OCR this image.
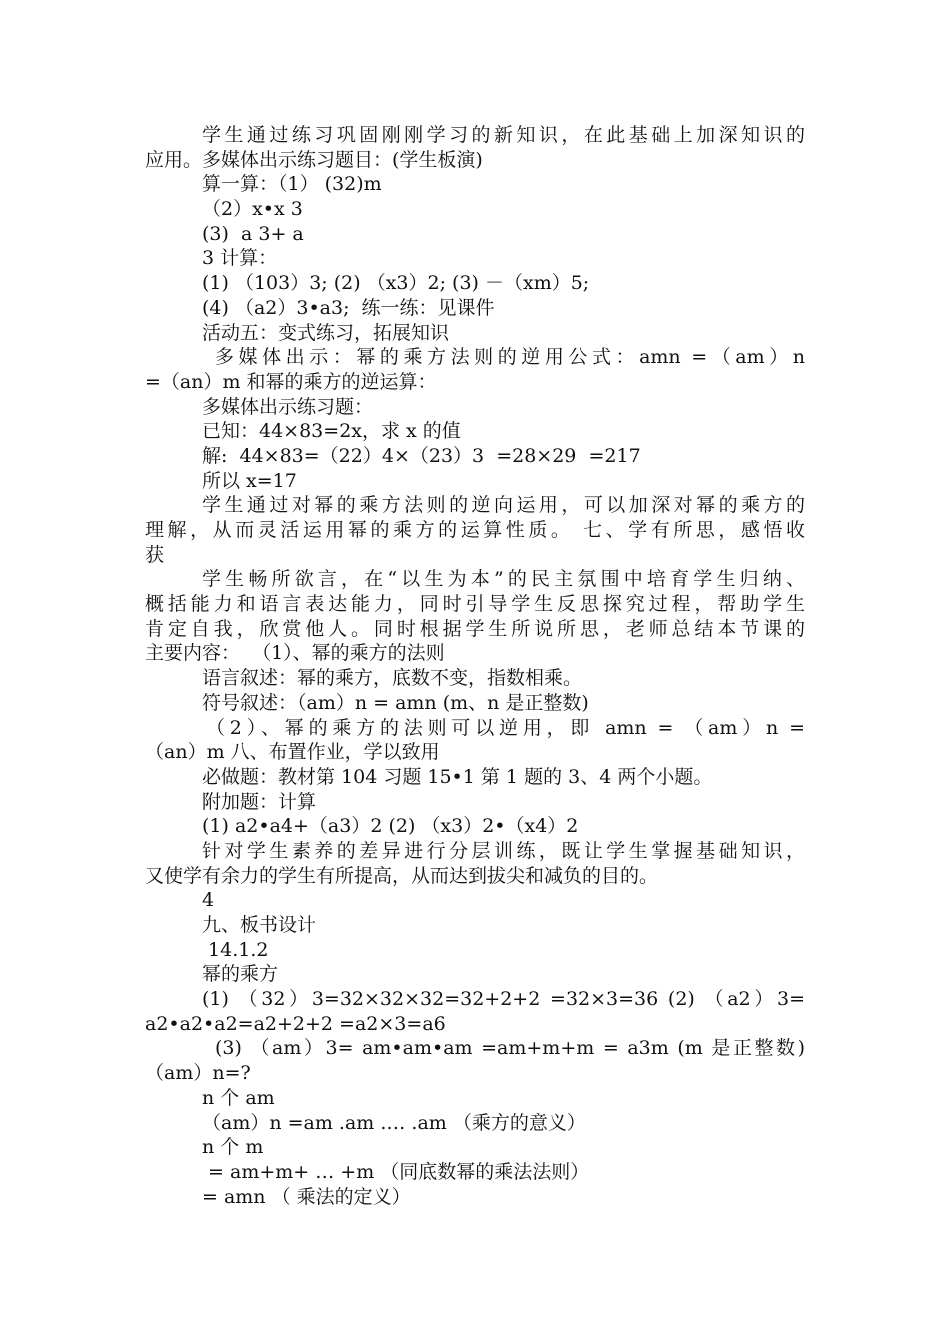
学生通过练习巩固刚刚学习的新知识，在此基础上加深知识的
应用。多媒体出示练习题目：(学生板演)
算一算：（1） (32)m
（2）x•x 3
(3)  a 3+ a
3 计算：
(1) （103）3; (2) （x3）2; (3) －（xm）5;
(4) （a2）3•a3;  练一练：见课件
活动五：变式练习，拓展知识
多媒体出示：幂的乘方法则的逆用公式：amn =（am）n
=（an）m 和幂的乘方的逆运算：
多媒体出示练习题：
已知：44×83=2x，求 x 的值
解:  44×83=（22）4×（23）3  =28×29  =217
所以 x=17
学生通过对幂的乘方法则的逆向运用，可以加深对幂的乘方的
理解，从而灵活运用幂的乘方的运算性质。 七、学有所思，感悟收
获
学生畅所欲言，在“以生为本”的民主氛围中培育学生归纳、
概括能力和语言表达能力，同时引导学生反思探究过程，帮助学生
肯定自我，欣赏他人。同时根据学生所说所思，老师总结本节课的
主要内容：  （1）、幂的乘方的法则
语言叙述：幂的乘方，底数不变，指数相乘。
符号叙述：（am）n = amn (m、n 是正整数)
（2）、幂的乘方的法则可以逆用，即 amn = （am）n =
（an）m 八、布置作业，学以致用
必做题：教材第 104 习题 15•1 第 1 题的 3、4 两个小题。
附加题：计算
(1) a2•a4+（a3）2 (2) （x3）2•（x4）2
针对学生素养的差异进行分层训练，既让学生掌握基础知识，
又使学有余力的学生有所提高，从而达到拔尖和减负的目的。
4
九、板书设计
14.1.2
幂的乘方
(1) （32）3=32×32×32=32+2+2 =32×3=36 (2) （a2）3=
a2•a2•a2=a2+2+2 =a2×3=a6
(3) （am）3= am•am•am =am+m+m = a3m (m 是正整数)
（am）n=?
n 个 am
（am）n =am .am .… .am （乘方的意义）
n 个 m
= am+m+ … +m （同底数幂的乘法法则）
= amn （ 乘法的定义）
